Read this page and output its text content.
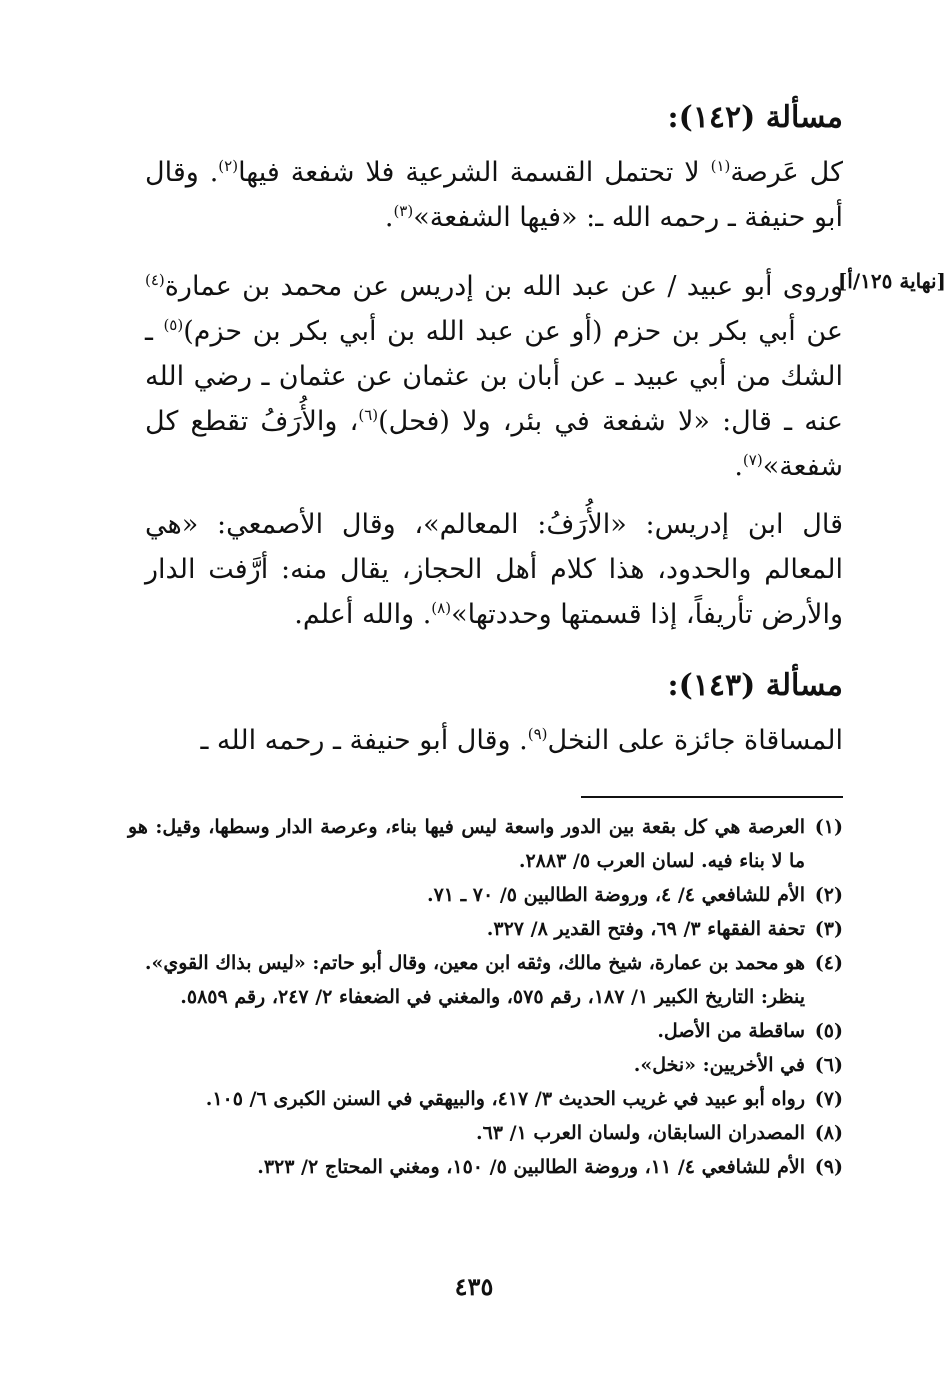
مسألة (١٤٢):

كل عَرصة$^{(١)}$ لا تحتمل القسمة الشرعية فلا شفعة فيها$^{(٢)}$. وقال أبو حنيفة ـ رحمه الله ـ: «فيها الشفعة»$^{(٣)}$.

[نهاية ١٢٥/أ]

وروى أبو عبيد / عن عبد الله بن إدريس عن محمد بن عمارة$^{(٤)}$ عن أبي بكر بن حزم (أو عن عبد الله بن أبي بكر بن حزم)$^{(٥)}$ ـ الشك من أبي عبيد ـ عن أبان بن عثمان عن عثمان ـ رضي الله عنه ـ قال: «لا شفعة في بئر، ولا (فحل)$^{(٦)}$، والأُرَفُ تقطع كل شفعة»$^{(٧)}$.

قال ابن إدريس: «الأُرَفُ: المعالم»، وقال الأصمعي: «هي المعالم والحدود، هذا كلام أهل الحجاز، يقال منه: أرَّفت الدار والأرض تأريفاً، إذا قسمتها وحددتها»$^{(٨)}$. والله أعلم.

مسألة (١٤٣):

المساقاة جائزة على النخل$^{(٩)}$. وقال أبو حنيفة ـ رحمه الله ـ

(١)
العرصة هي كل بقعة بين الدور واسعة ليس فيها بناء، وعرصة الدار وسطها، وقيل: هو ما لا بناء فيه. لسان العرب ٥/ ٢٨٨٣.
(٢)
الأم للشافعي ٤/ ٤، وروضة الطالبين ٥/ ٧٠ ـ ٧١.
(٣)
تحفة الفقهاء ٣/ ٦٩، وفتح القدير ٨/ ٣٢٧.
(٤)
هو محمد بن عمارة، شيخ مالك، وثقه ابن معين، وقال أبو حاتم: «ليس بذاك القوي».
ينظر: التاريخ الكبير ١/ ١٨٧، رقم ٥٧٥، والمغني في الضعفاء ٢/ ٢٤٧، رقم ٥٨٥٩.
(٥)
ساقطة من الأصل.
(٦)
في الأخريين: «نخل».
(٧)
رواه أبو عبيد في غريب الحديث ٣/ ٤١٧، والبيهقي في السنن الكبرى ٦/ ١٠٥.
(٨)
المصدران السابقان، ولسان العرب ١/ ٦٣.
(٩)
الأم للشافعي ٤/ ١١، وروضة الطالبين ٥/ ١٥٠، ومغني المحتاج ٢/ ٣٢٣.
٤٣٥
